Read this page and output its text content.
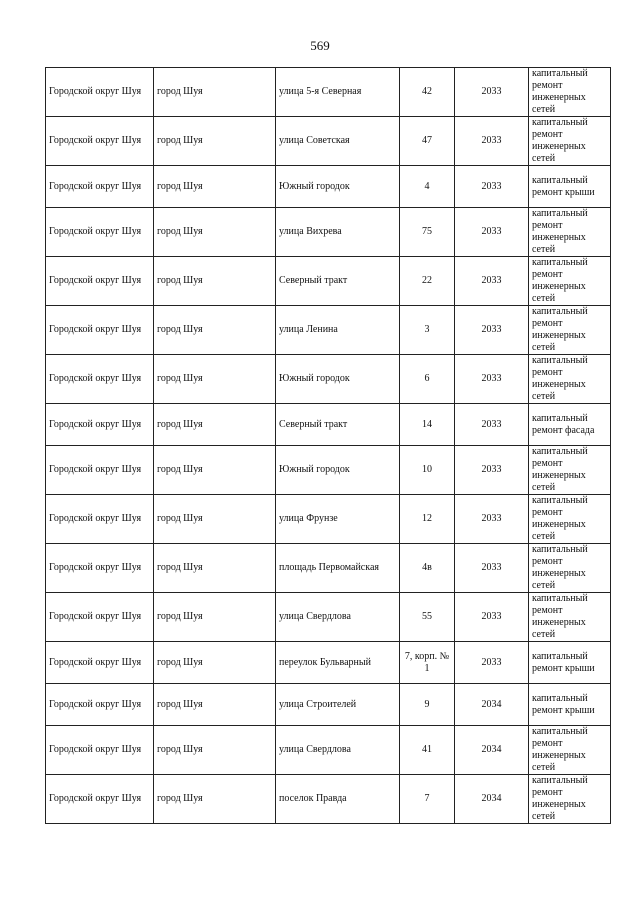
569
Городской округ Шуя	город Шуя	улица 5-я Северная	42	2033	капитальный ремонт инженерных сетей
Городской округ Шуя	город Шуя	улица Советская	47	2033	капитальный ремонт инженерных сетей
Городской округ Шуя	город Шуя	Южный городок	4	2033	капитальный ремонт крыши
Городской округ Шуя	город Шуя	улица Вихрева	75	2033	капитальный ремонт инженерных сетей
Городской округ Шуя	город Шуя	Северный тракт	22	2033	капитальный ремонт инженерных сетей
Городской округ Шуя	город Шуя	улица Ленина	3	2033	капитальный ремонт инженерных сетей
Городской округ Шуя	город Шуя	Южный городок	6	2033	капитальный ремонт инженерных сетей
Городской округ Шуя	город Шуя	Северный тракт	14	2033	капитальный ремонт фасада
Городской округ Шуя	город Шуя	Южный городок	10	2033	капитальный ремонт инженерных сетей
Городской округ Шуя	город Шуя	улица Фрунзе	12	2033	капитальный ремонт инженерных сетей
Городской округ Шуя	город Шуя	площадь Первомайская	4в	2033	капитальный ремонт инженерных сетей
Городской округ Шуя	город Шуя	улица Свердлова	55	2033	капитальный ремонт инженерных сетей
Городской округ Шуя	город Шуя	переулок Бульварный	7, корп. № 1	2033	капитальный ремонт крыши
Городской округ Шуя	город Шуя	улица Строителей	9	2034	капитальный ремонт крыши
Городской округ Шуя	город Шуя	улица Свердлова	41	2034	капитальный ремонт инженерных сетей
Городской округ Шуя	город Шуя	поселок Правда	7	2034	капитальный ремонт инженерных сетей
